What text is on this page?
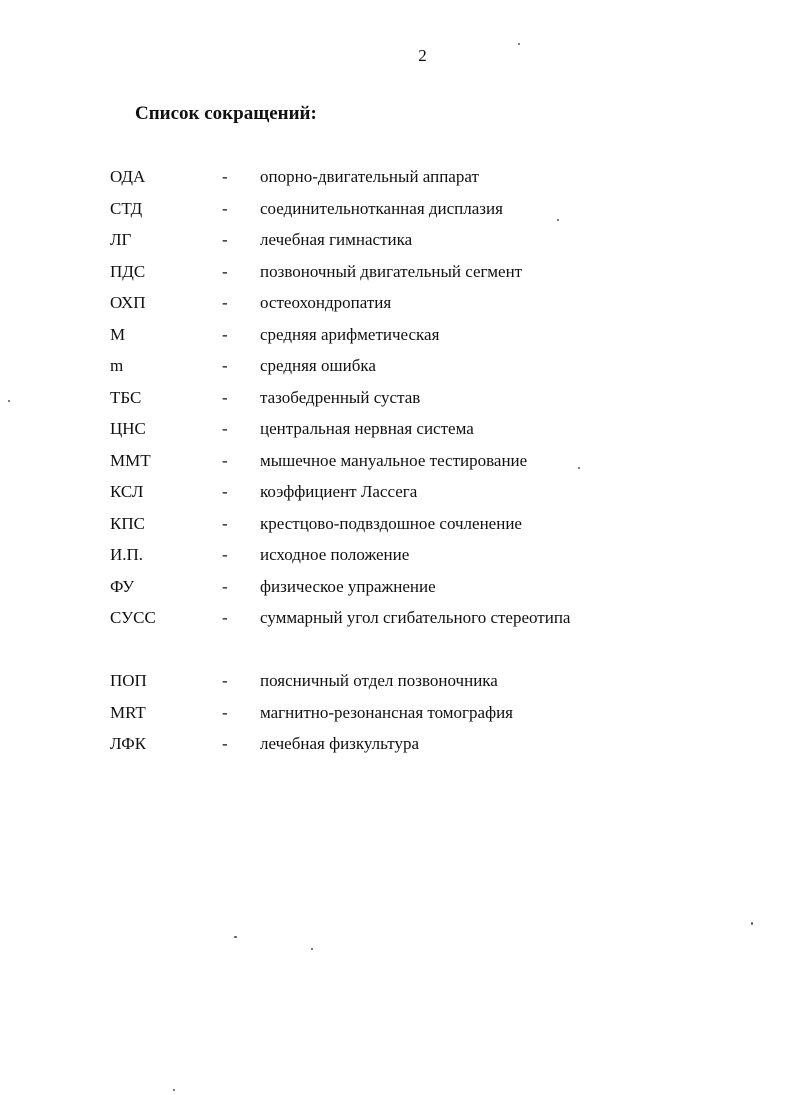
2
Список сокращений:
ОДА	- опорно-двигательный аппарат
СТД	- соединительнотканная дисплазия
ЛГ	- лечебная гимнастика
ПДС	- позвоночный двигательный сегмент
ОХП	- остеохондропатия
М	- средняя арифметическая
m	- средняя ошибка
ТБС	- тазобедренный сустав
ЦНС	- центральная нервная система
ММТ	- мышечное мануальное тестирование
КСЛ	- коэффициент Лассега
КПС	- крестцово-подвздошное сочленение
И.П.	- исходное положение
ФУ	- физическое упражнение
СУСС	- суммарный угол сгибательного стереотипа
ПОП	- поясничный отдел позвоночника
MRT	- магнитно-резонансная томография
ЛФК	- лечебная физкультура
